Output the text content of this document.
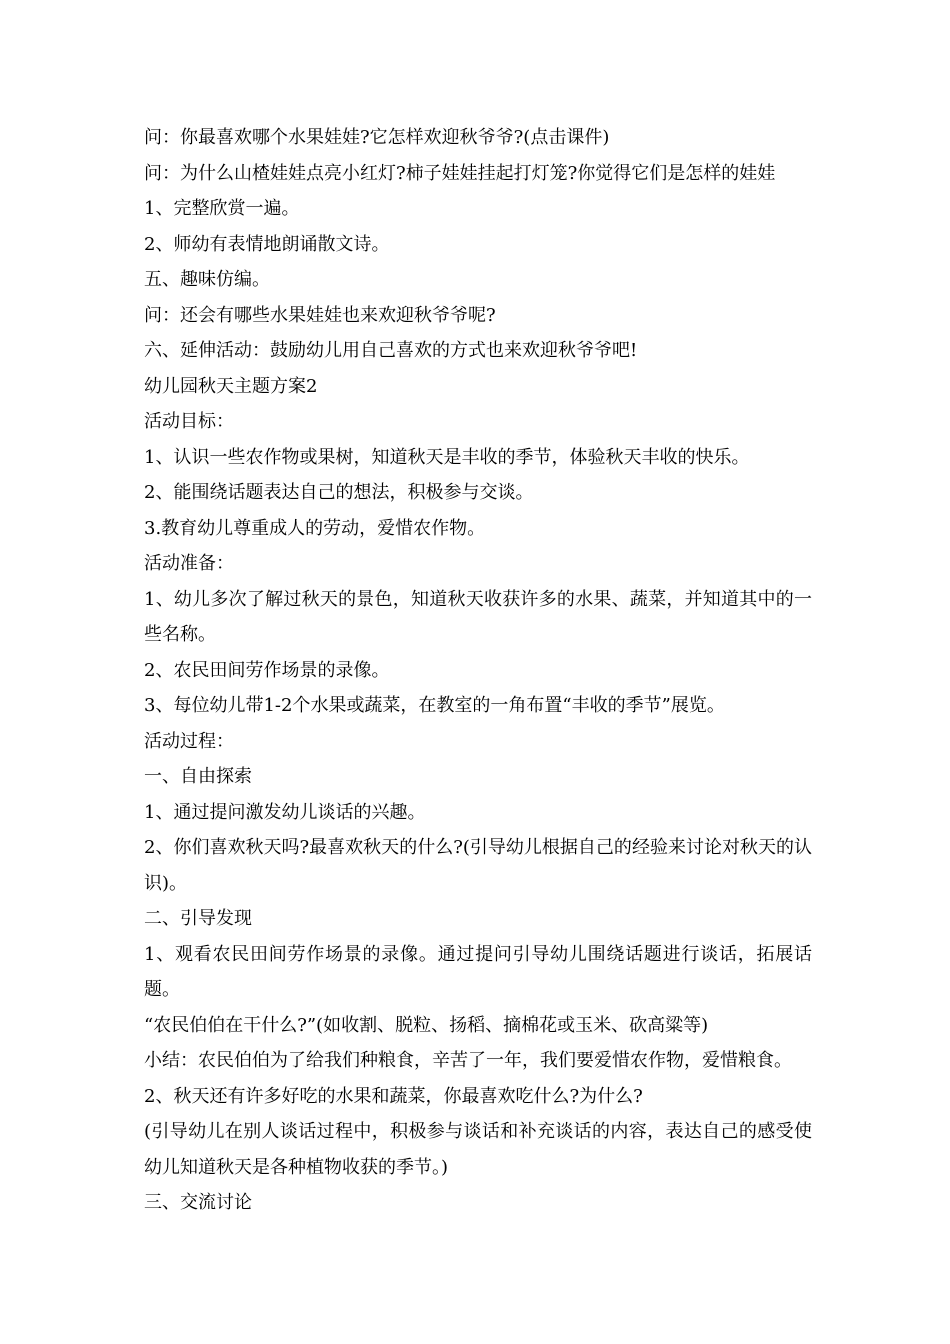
问：你最喜欢哪个水果娃娃?它怎样欢迎秋爷爷?(点击课件)

问：为什么山楂娃娃点亮小红灯?柿子娃娃挂起打灯笼?你觉得它们是怎样的娃娃

1、完整欣赏一遍。

2、师幼有表情地朗诵散文诗。

五、趣味仿编。

问：还会有哪些水果娃娃也来欢迎秋爷爷呢?

六、延伸活动：鼓励幼儿用自己喜欢的方式也来欢迎秋爷爷吧!

幼儿园秋天主题方案2

活动目标：

1、认识一些农作物或果树，知道秋天是丰收的季节，体验秋天丰收的快乐。

2、能围绕话题表达自己的想法，积极参与交谈。

3.教育幼儿尊重成人的劳动，爱惜农作物。

活动准备：

1、幼儿多次了解过秋天的景色，知道秋天收获许多的水果、蔬菜，并知道其中的一些名称。

2、农民田间劳作场景的录像。

3、每位幼儿带1-2个水果或蔬菜，在教室的一角布置“丰收的季节”展览。

活动过程：

一、自由探索

1、通过提问激发幼儿谈话的兴趣。

2、你们喜欢秋天吗?最喜欢秋天的什么?(引导幼儿根据自己的经验来讨论对秋天的认识)。

二、引导发现

1、观看农民田间劳作场景的录像。通过提问引导幼儿围绕话题进行谈话，拓展话题。

“农民伯伯在干什么?”(如收割、脱粒、扬稻、摘棉花或玉米、砍高粱等)

小结：农民伯伯为了给我们种粮食，辛苦了一年，我们要爱惜农作物，爱惜粮食。

2、秋天还有许多好吃的水果和蔬菜，你最喜欢吃什么?为什么?

(引导幼儿在别人谈话过程中，积极参与谈话和补充谈话的内容，表达自己的感受使幼儿知道秋天是各种植物收获的季节。)

三、交流讨论
